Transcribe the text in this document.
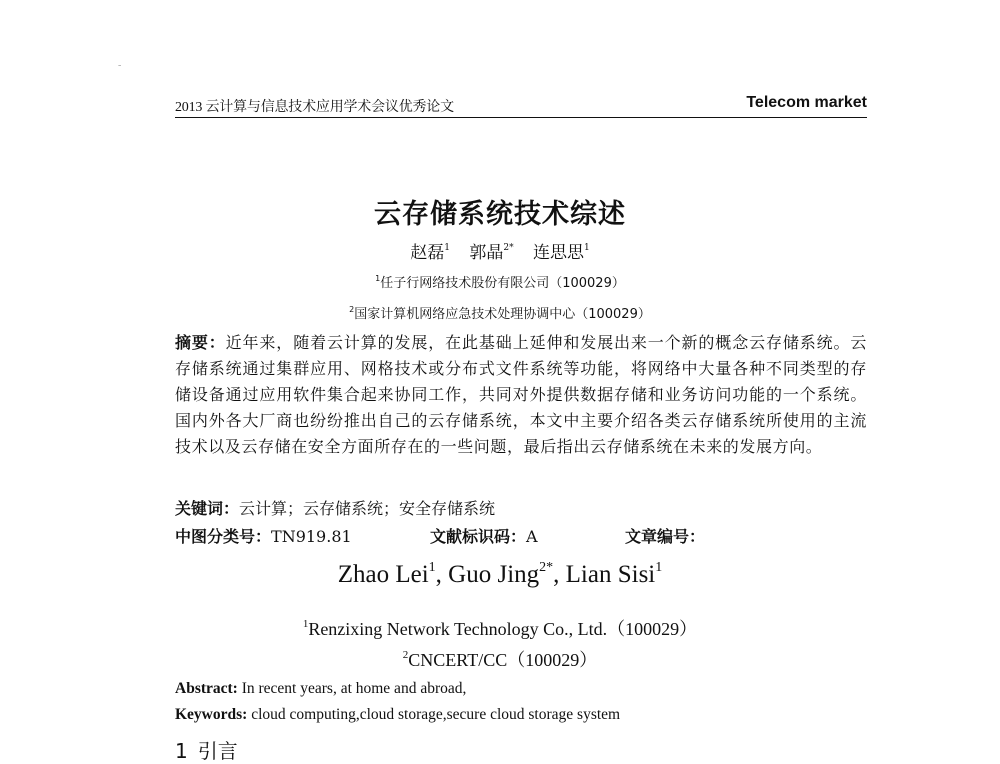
-
2013 云计算与信息技术应用学术会议优秀论文	Telecom market
云存储系统技术综述
赵磊$^1$ 郭晶$^{2*}$ 连思思$^1$
$^1$任子行网络技术股份有限公司（100029）
$^2$国家计算机网络应急技术处理协调中心（100029）
摘要：近年来，随着云计算的发展，在此基础上延伸和发展出来一个新的概念云存储系统。云存储系统通过集群应用、网格技术或分布式文件系统等功能，将网络中大量各种不同类型的存储设备通过应用软件集合起来协同工作，共同对外提供数据存储和业务访问功能的一个系统。国内外各大厂商也纷纷推出自己的云存储系统，本文中主要介绍各类云存储系统所使用的主流技术以及云存储在安全方面所存在的一些问题，最后指出云存储系统在未来的发展方向。
关键词：云计算；云存储系统；安全存储系统
中图分类号：TN919.81	文献标识码：A	文章编号：
Zhao Lei$^1$, Guo Jing$^{2*}$, Lian Sisi$^1$
$^1$Renzixing Network Technology Co., Ltd.（100029）
$^2$CNCERT/CC（100029）
Abstract: In recent years, at home and abroad,
Keywords: cloud computing,cloud storage,secure cloud storage system
1 引言
